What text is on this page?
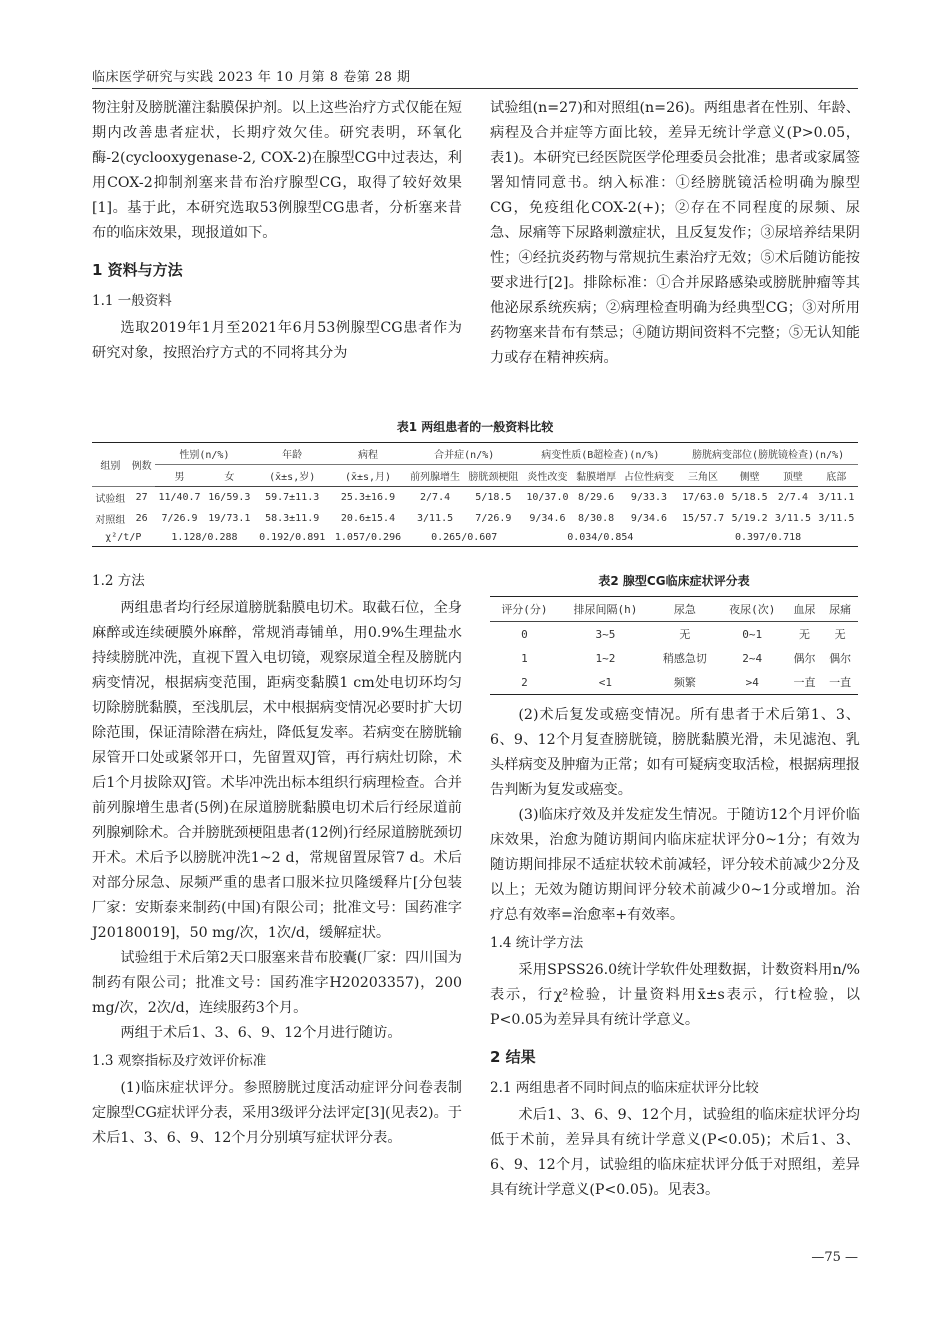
临床医学研究与实践 2023 年 10 月第 8 卷第 28 期

物注射及膀胱灌注黏膜保护剂。以上这些治疗方式仅能在短期内改善患者症状，长期疗效欠佳。研究表明，环氧化酶-2(cyclooxygenase-2, COX-2)在腺型CG中过表达，利用COX-2抑制剂塞来昔布治疗腺型CG，取得了较好效果[1]。基于此，本研究选取53例腺型CG患者，分析塞来昔布的临床效果，现报道如下。

1 资料与方法
1.1 一般资料

选取2019年1月至2021年6月53例腺型CG患者作为研究对象，按照治疗方式的不同将其分为

试验组(n=27)和对照组(n=26)。两组患者在性别、年龄、病程及合并症等方面比较，差异无统计学意义(P>0.05，表1)。本研究已经医院医学伦理委员会批准；患者或家属签署知情同意书。纳入标准：①经膀胱镜活检明确为腺型CG，免疫组化COX-2(+)；②存在不同程度的尿频、尿急、尿痛等下尿路刺激症状，且反复发作；③尿培养结果阴性；④经抗炎药物与常规抗生素治疗无效；⑤术后随访能按要求进行[2]。排除标准：①合并尿路感染或膀胱肿瘤等其他泌尿系统疾病；②病理检查明确为经典型CG；③对所用药物塞来昔布有禁忌；④随访期间资料不完整；⑤无认知能力或存在精神疾病。

表1 两组患者的一般资料比较
组别	例数	性别(n/%)		年龄	病程	合并症(n/%)		病变性质(B超检查)(n/%)			膀胱病变部位(膀胱镜检查)(n/%)			
		男	女	(x̄±s,岁)	(x̄±s,月)	前列腺增生	膀胱颈梗阻	炎性改变	黏膜增厚	占位性病变	三角区	侧壁	顶壁	底部
试验组	27	11/40.7	16/59.3	59.7±11.3	25.3±16.9	2/7.4	5/18.5	10/37.0	8/29.6	9/33.3	17/63.0	5/18.5	2/7.4	3/11.1
对照组	26	7/26.9	19/73.1	58.3±11.9	20.6±15.4	3/11.5	7/26.9	9/34.6	8/30.8	9/34.6	15/57.7	5/19.2	3/11.5	3/11.5
χ²/t/P		1.128/0.288		0.192/0.891	1.057/0.296	0.265/0.607		0.034/0.854			0.397/0.718			
1.2 方法

两组患者均行经尿道膀胱黏膜电切术。取截石位，全身麻醉或连续硬膜外麻醉，常规消毒铺单，用0.9%生理盐水持续膀胱冲洗，直视下置入电切镜，观察尿道全程及膀胱内病变情况，根据病变范围，距病变黏膜1 cm处电切环均匀切除膀胱黏膜，至浅肌层，术中根据病变情况必要时扩大切除范围，保证清除潜在病灶，降低复发率。若病变在膀胱输尿管开口处或紧邻开口，先留置双J管，再行病灶切除，术后1个月拔除双J管。术毕冲洗出标本组织行病理检查。合并前列腺增生患者(5例)在尿道膀胱黏膜电切术后行经尿道前列腺剜除术。合并膀胱颈梗阻患者(12例)行经尿道膀胱颈切开术。术后予以膀胱冲洗1~2 d，常规留置尿管7 d。术后对部分尿急、尿频严重的患者口服米拉贝隆缓释片[分包装厂家：安斯泰来制药(中国)有限公司；批准文号：国药准字J20180019]，50 mg/次，1次/d，缓解症状。

试验组于术后第2天口服塞来昔布胶囊(厂家：四川国为制药有限公司；批准文号：国药准字H20203357)，200 mg/次，2次/d，连续服药3个月。

两组于术后1、3、6、9、12个月进行随访。

1.3 观察指标及疗效评价标准

(1)临床症状评分。参照膀胱过度活动症评分问卷表制定腺型CG症状评分表，采用3级评分法评定[3](见表2)。于术后1、3、6、9、12个月分别填写症状评分表。

表2 腺型CG临床症状评分表
评分(分)	排尿间隔(h)	尿急	夜尿(次)	血尿	尿痛
0	3~5	无	0~1	无	无
1	1~2	稍感急切	2~4	偶尔	偶尔
2	<1	频繁	>4	一直	一直

(2)术后复发或癌变情况。所有患者于术后第1、3、6、9、12个月复查膀胱镜，膀胱黏膜光滑，未见滤泡、乳头样病变及肿瘤为正常；如有可疑病变取活检，根据病理报告判断为复发或癌变。

(3)临床疗效及并发症发生情况。于随访12个月评价临床效果，治愈为随访期间内临床症状评分0~1分；有效为随访期间排尿不适症状较术前减轻，评分较术前减少2分及以上；无效为随访期间评分较术前减少0~1分或增加。治疗总有效率=治愈率+有效率。

1.4 统计学方法

采用SPSS26.0统计学软件处理数据，计数资料用n/%表示，行χ²检验，计量资料用x̄±s表示，行t检验，以P<0.05为差异具有统计学意义。

2 结果
2.1 两组患者不同时间点的临床症状评分比较

术后1、3、6、9、12个月，试验组的临床症状评分均低于术前，差异具有统计学意义(P<0.05)；术后1、3、6、9、12个月，试验组的临床症状评分低于对照组，差异具有统计学意义(P<0.05)。见表3。

—75 —
